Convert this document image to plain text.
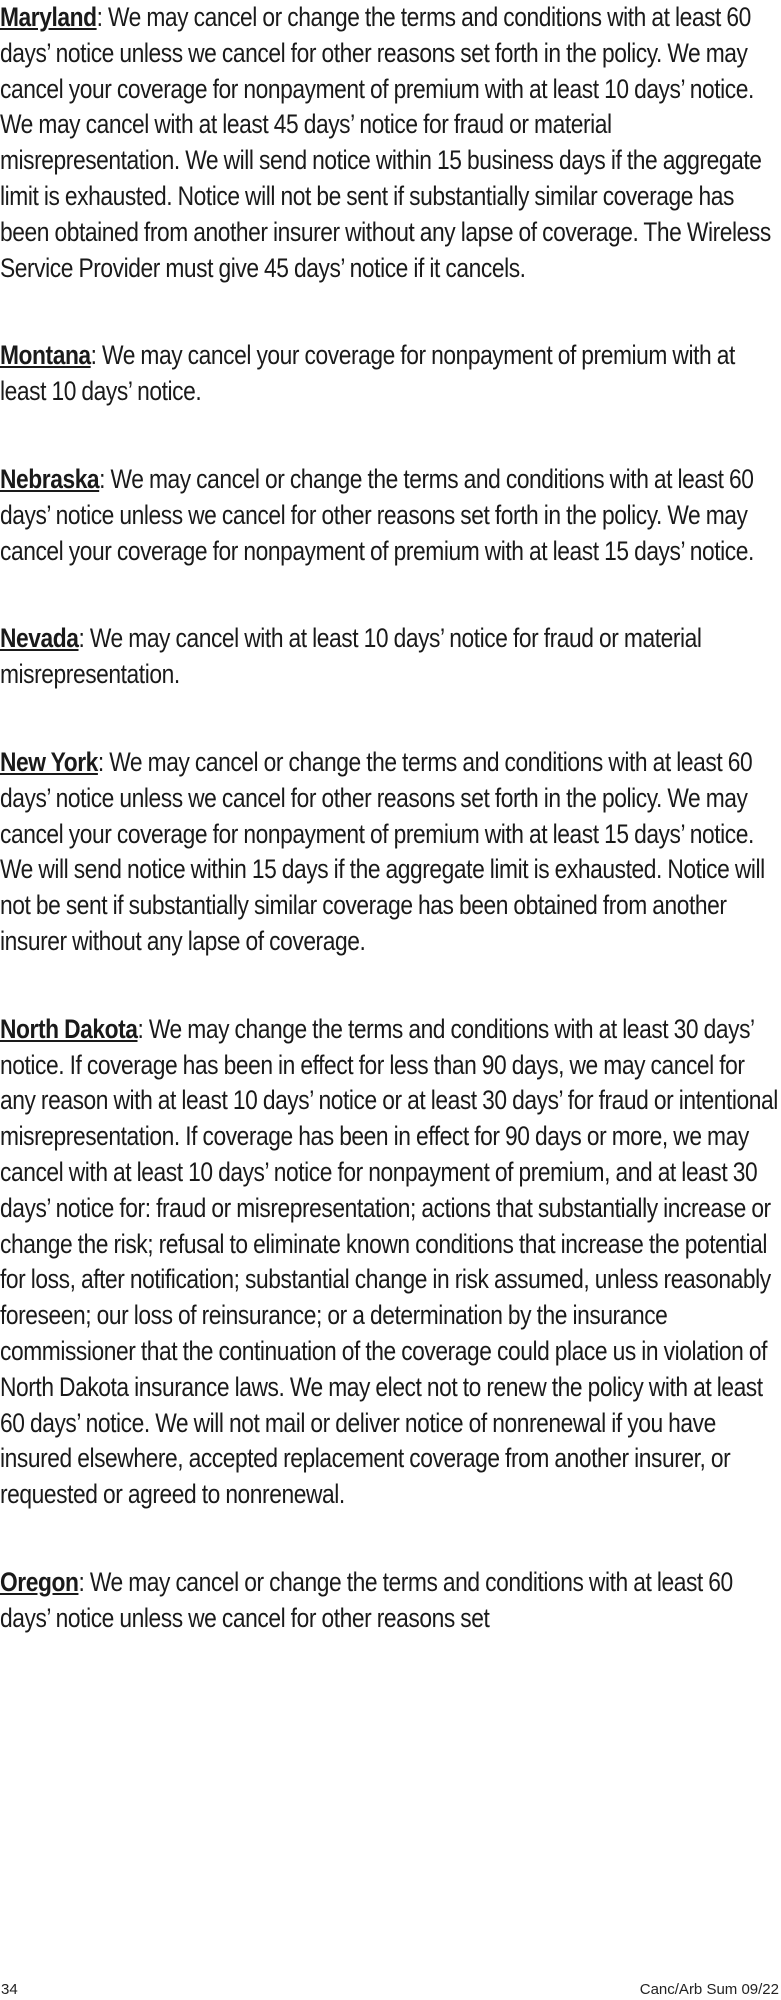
Maryland: We may cancel or change the terms and conditions with at least 60 days’ notice unless we cancel for other reasons set forth in the policy. We may cancel your coverage for nonpayment of premium with at least 10 days’ notice. We may cancel with at least 45 days’ notice for fraud or material misrepresentation. We will send notice within 15 business days if the aggregate limit is exhausted. Notice will not be sent if substantially similar coverage has been obtained from another insurer without any lapse of coverage. The Wireless Service Provider must give 45 days’ notice if it cancels.

Montana: We may cancel your coverage for nonpayment of premium with at least 10 days’ notice.

Nebraska: We may cancel or change the terms and conditions with at least 60 days’ notice unless we cancel for other reasons set forth in the policy. We may cancel your coverage for nonpayment of premium with at least 15 days’ notice.

Nevada: We may cancel with at least 10 days’ notice for fraud or material misrepresentation.

New York: We may cancel or change the terms and conditions with at least 60 days’ notice unless we cancel for other reasons set forth in the policy. We may cancel your coverage for nonpayment of premium with at least 15 days’ notice. We will send notice within 15 days if the aggregate limit is exhausted. Notice will not be sent if substantially similar coverage has been obtained from another insurer without any lapse of coverage.

North Dakota: We may change the terms and conditions with at least 30 days’ notice. If coverage has been in effect for less than 90 days, we may cancel for any reason with at least 10 days’ notice or at least 30 days’ for fraud or intentional misrepresentation. If coverage has been in effect for 90 days or more, we may cancel with at least 10 days’ notice for nonpayment of premium, and at least 30 days’ notice for: fraud or misrepresentation; actions that substantially increase or change the risk; refusal to eliminate known conditions that increase the potential for loss, after notification; substantial change in risk assumed, unless reasonably foreseen; our loss of reinsurance; or a determination by the insurance commissioner that the continuation of the coverage could place us in violation of North Dakota insurance laws. We may elect not to renew the policy with at least 60 days’ notice. We will not mail or deliver notice of nonrenewal if you have insured elsewhere, accepted replacement coverage from another insurer, or requested or agreed to nonrenewal.

Oregon: We may cancel or change the terms and conditions with at least 60 days’ notice unless we cancel for other reasons set

34	Canc/Arb Sum 09/22
